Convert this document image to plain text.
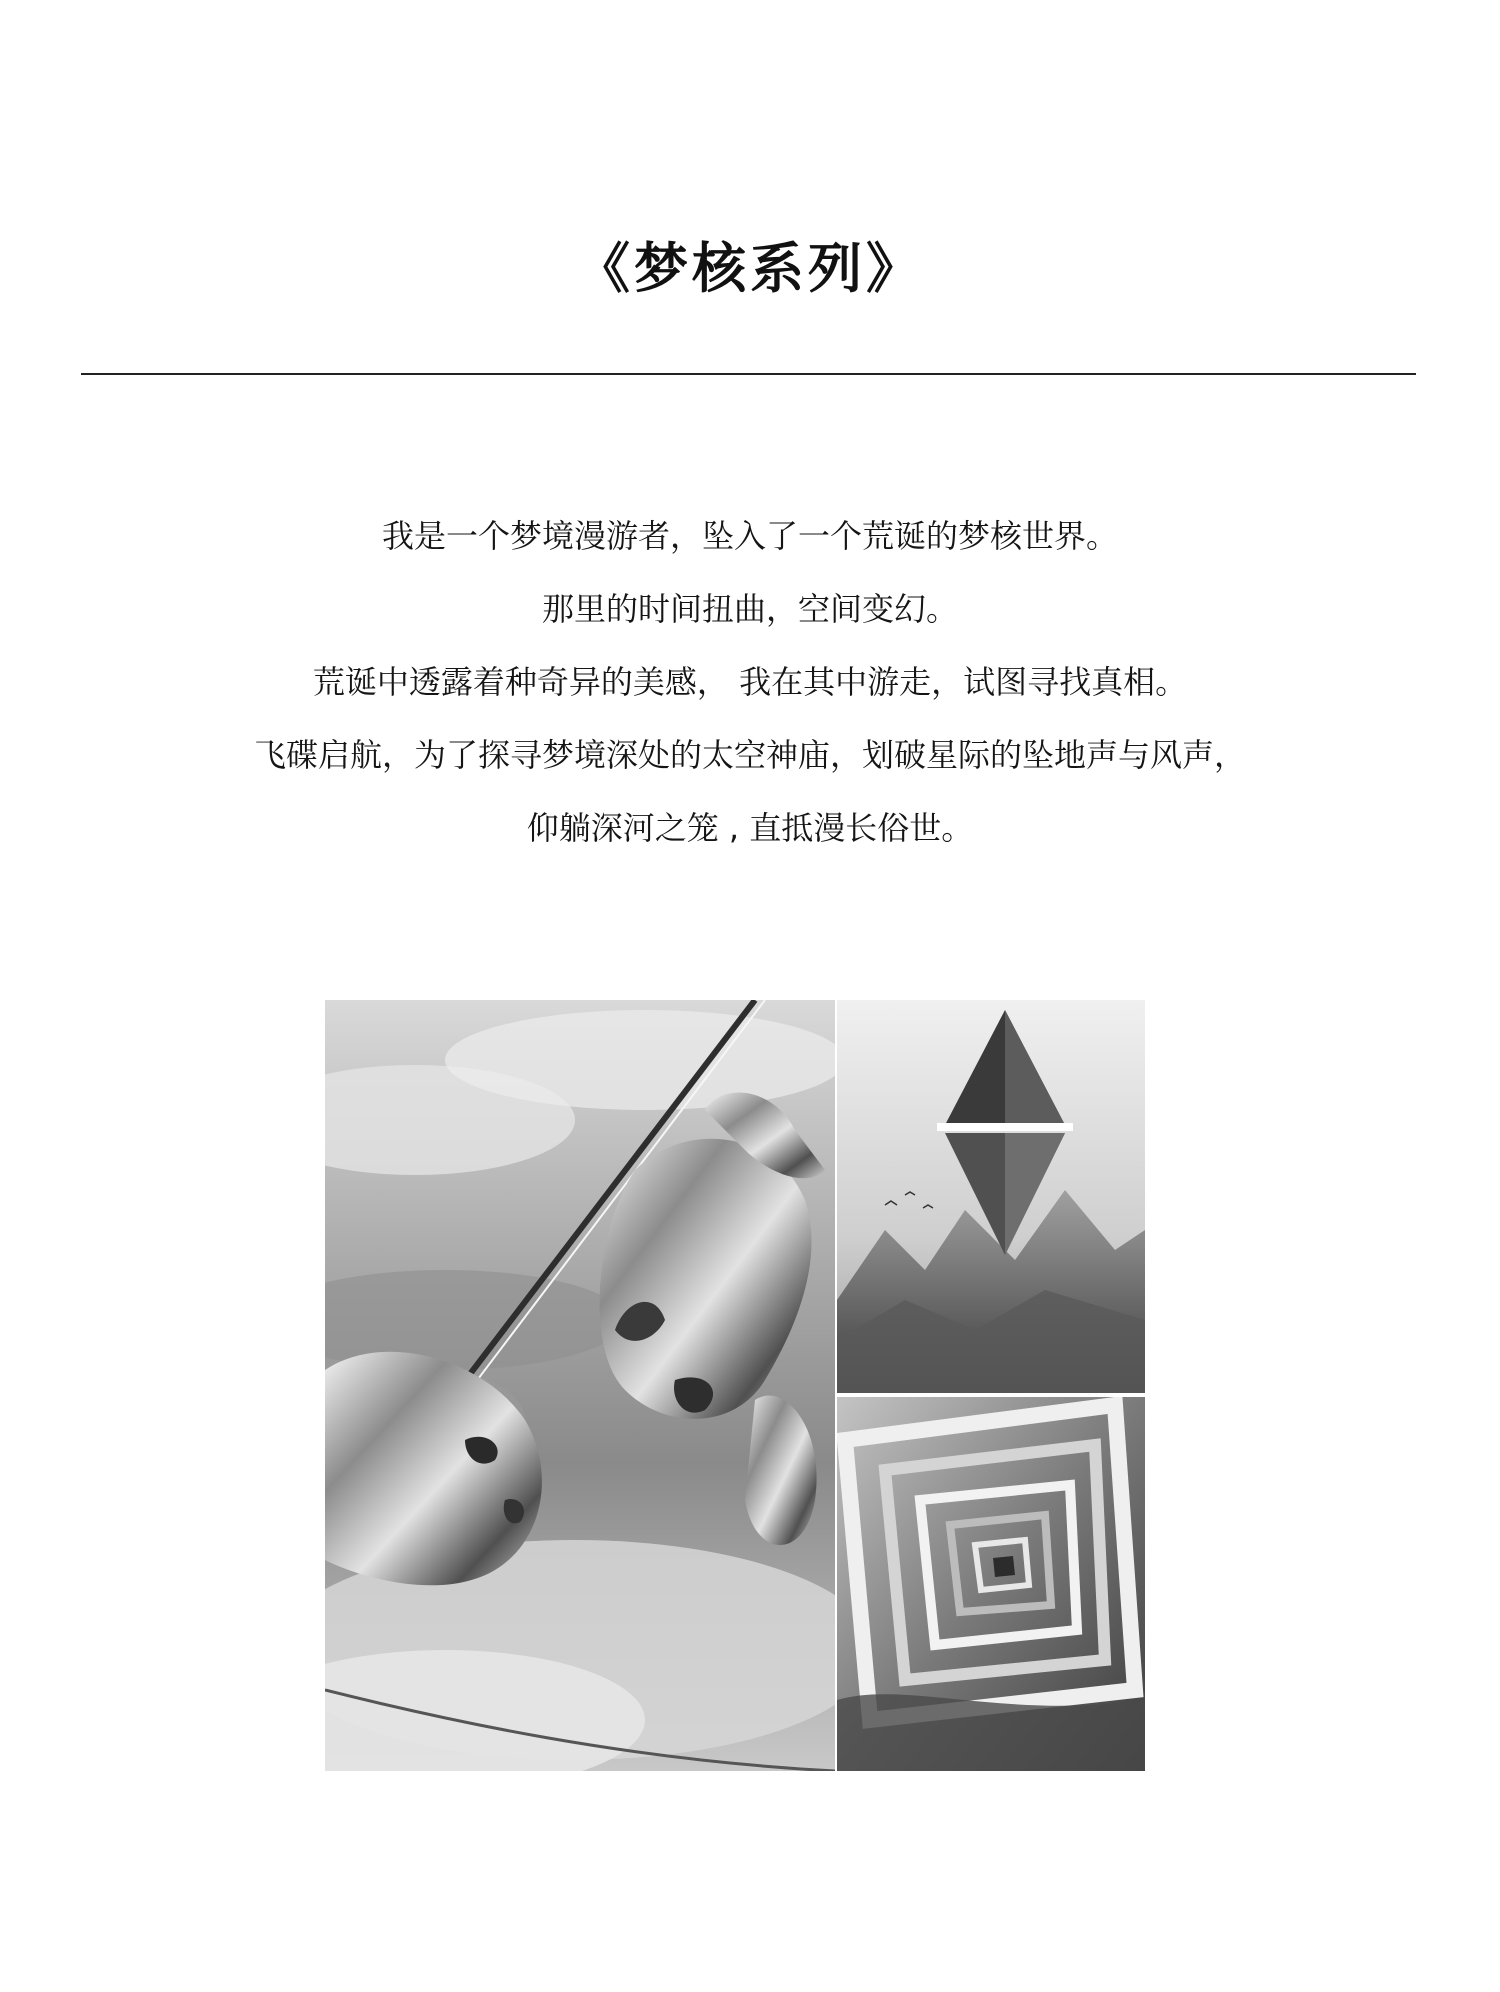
《梦核系列》
我是一个梦境漫游者，坠入了一个荒诞的梦核世界。
那里的时间扭曲，空间变幻。
荒诞中透露着种奇异的美感， 我在其中游走，试图寻找真相。
飞碟启航，为了探寻梦境深处的太空神庙，划破星际的坠地声与风声，
仰躺深河之笼 , 直抵漫长俗世。
